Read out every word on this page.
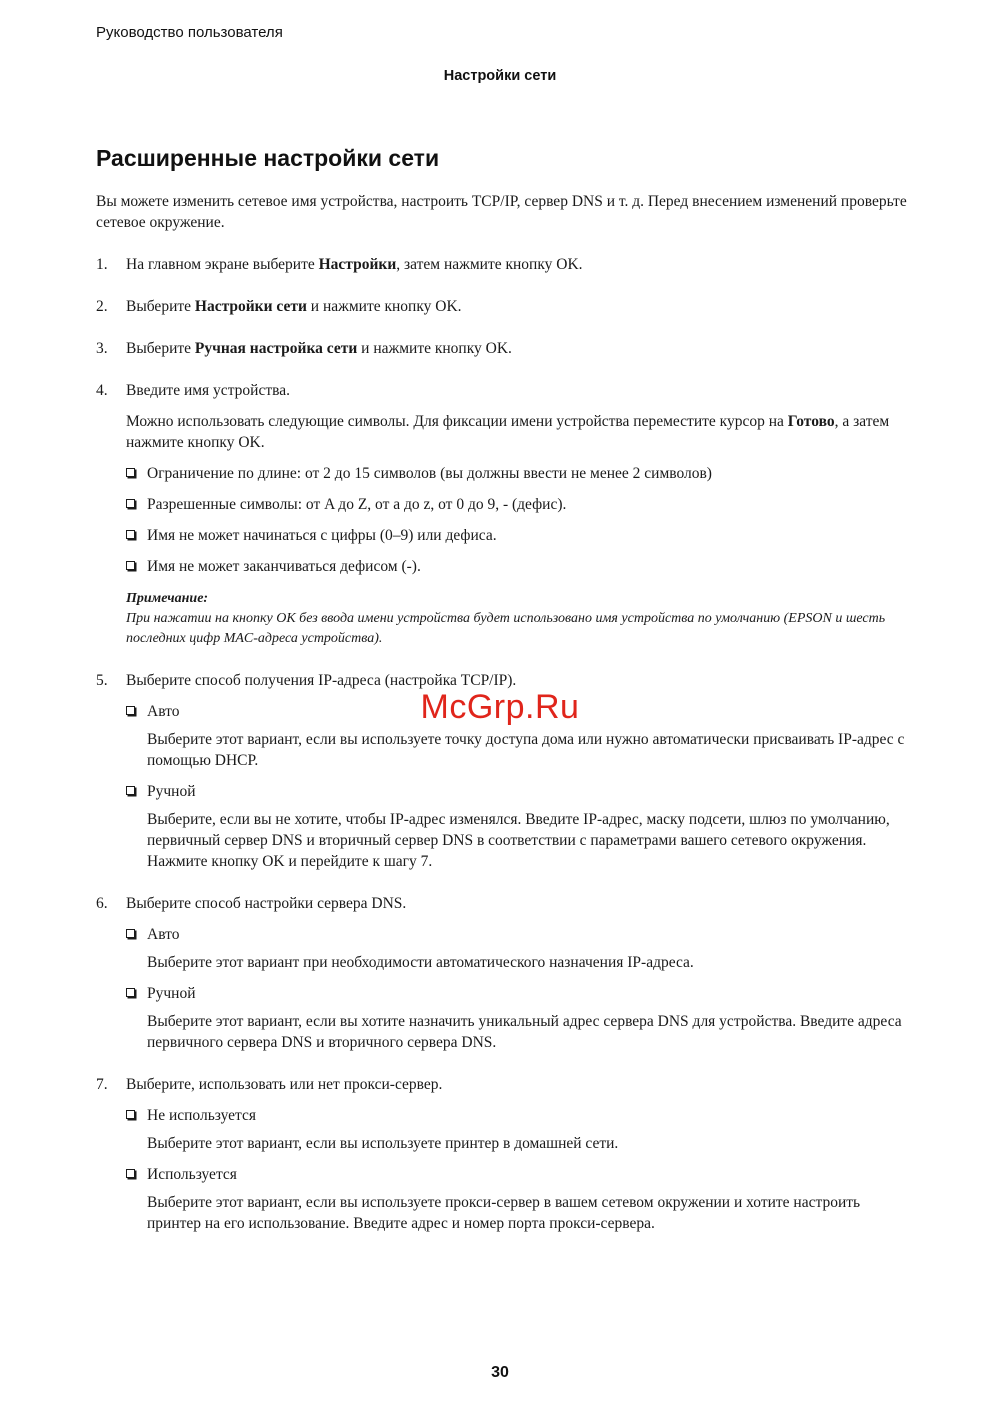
Руководство пользователя
Настройки сети
Расширенные настройки сети

Вы можете изменить сетевое имя устройства, настроить TCP/IP, сервер DNS и т. д. Перед внесением изменений проверьте сетевое окружение.

1. На главном экране выберите Настройки, затем нажмите кнопку OK.

2. Выберите Настройки сети и нажмите кнопку OK.

3. Выберите Ручная настройка сети и нажмите кнопку OK.

4. Введите имя устройства.

Можно использовать следующие символы. Для фиксации имени устройства переместите курсор на Готово, а затем нажмите кнопку OK.

Ограничение по длине: от 2 до 15 символов (вы должны ввести не менее 2 символов)
Разрешенные символы: от A до Z, от a до z, от 0 до 9, - (дефис).
Имя не может начинаться с цифры (0–9) или дефиса.
Имя не может заканчиваться дефисом (-).
Примечание:
При нажатии на кнопку OK без ввода имени устройства будет использовано имя устройства по умолчанию (EPSON и шесть последних цифр MAC-адреса устройства).
5. Выберите способ получения IP-адреса (настройка TCP/IP).

Авто

Выберите этот вариант, если вы используете точку доступа дома или нужно автоматически присваивать IP-адрес с помощью DHCP.

Ручной

Выберите, если вы не хотите, чтобы IP-адрес изменялся. Введите IP-адрес, маску подсети, шлюз по умолчанию, первичный сервер DNS и вторичный сервер DNS в соответствии с параметрами вашего сетевого окружения. Нажмите кнопку OK и перейдите к шагу 7.

6. Выберите способ настройки сервера DNS.

Авто

Выберите этот вариант при необходимости автоматического назначения IP-адреса.

Ручной

Выберите этот вариант, если вы хотите назначить уникальный адрес сервера DNS для устройства. Введите адреса первичного сервера DNS и вторичного сервера DNS.

7. Выберите, использовать или нет прокси-сервер.

Не используется

Выберите этот вариант, если вы используете принтер в домашней сети.

Используется

Выберите этот вариант, если вы используете прокси-сервер в вашем сетевом окружении и хотите настроить принтер на его использование. Введите адрес и номер порта прокси-сервера.

McGrp.Ru
30
